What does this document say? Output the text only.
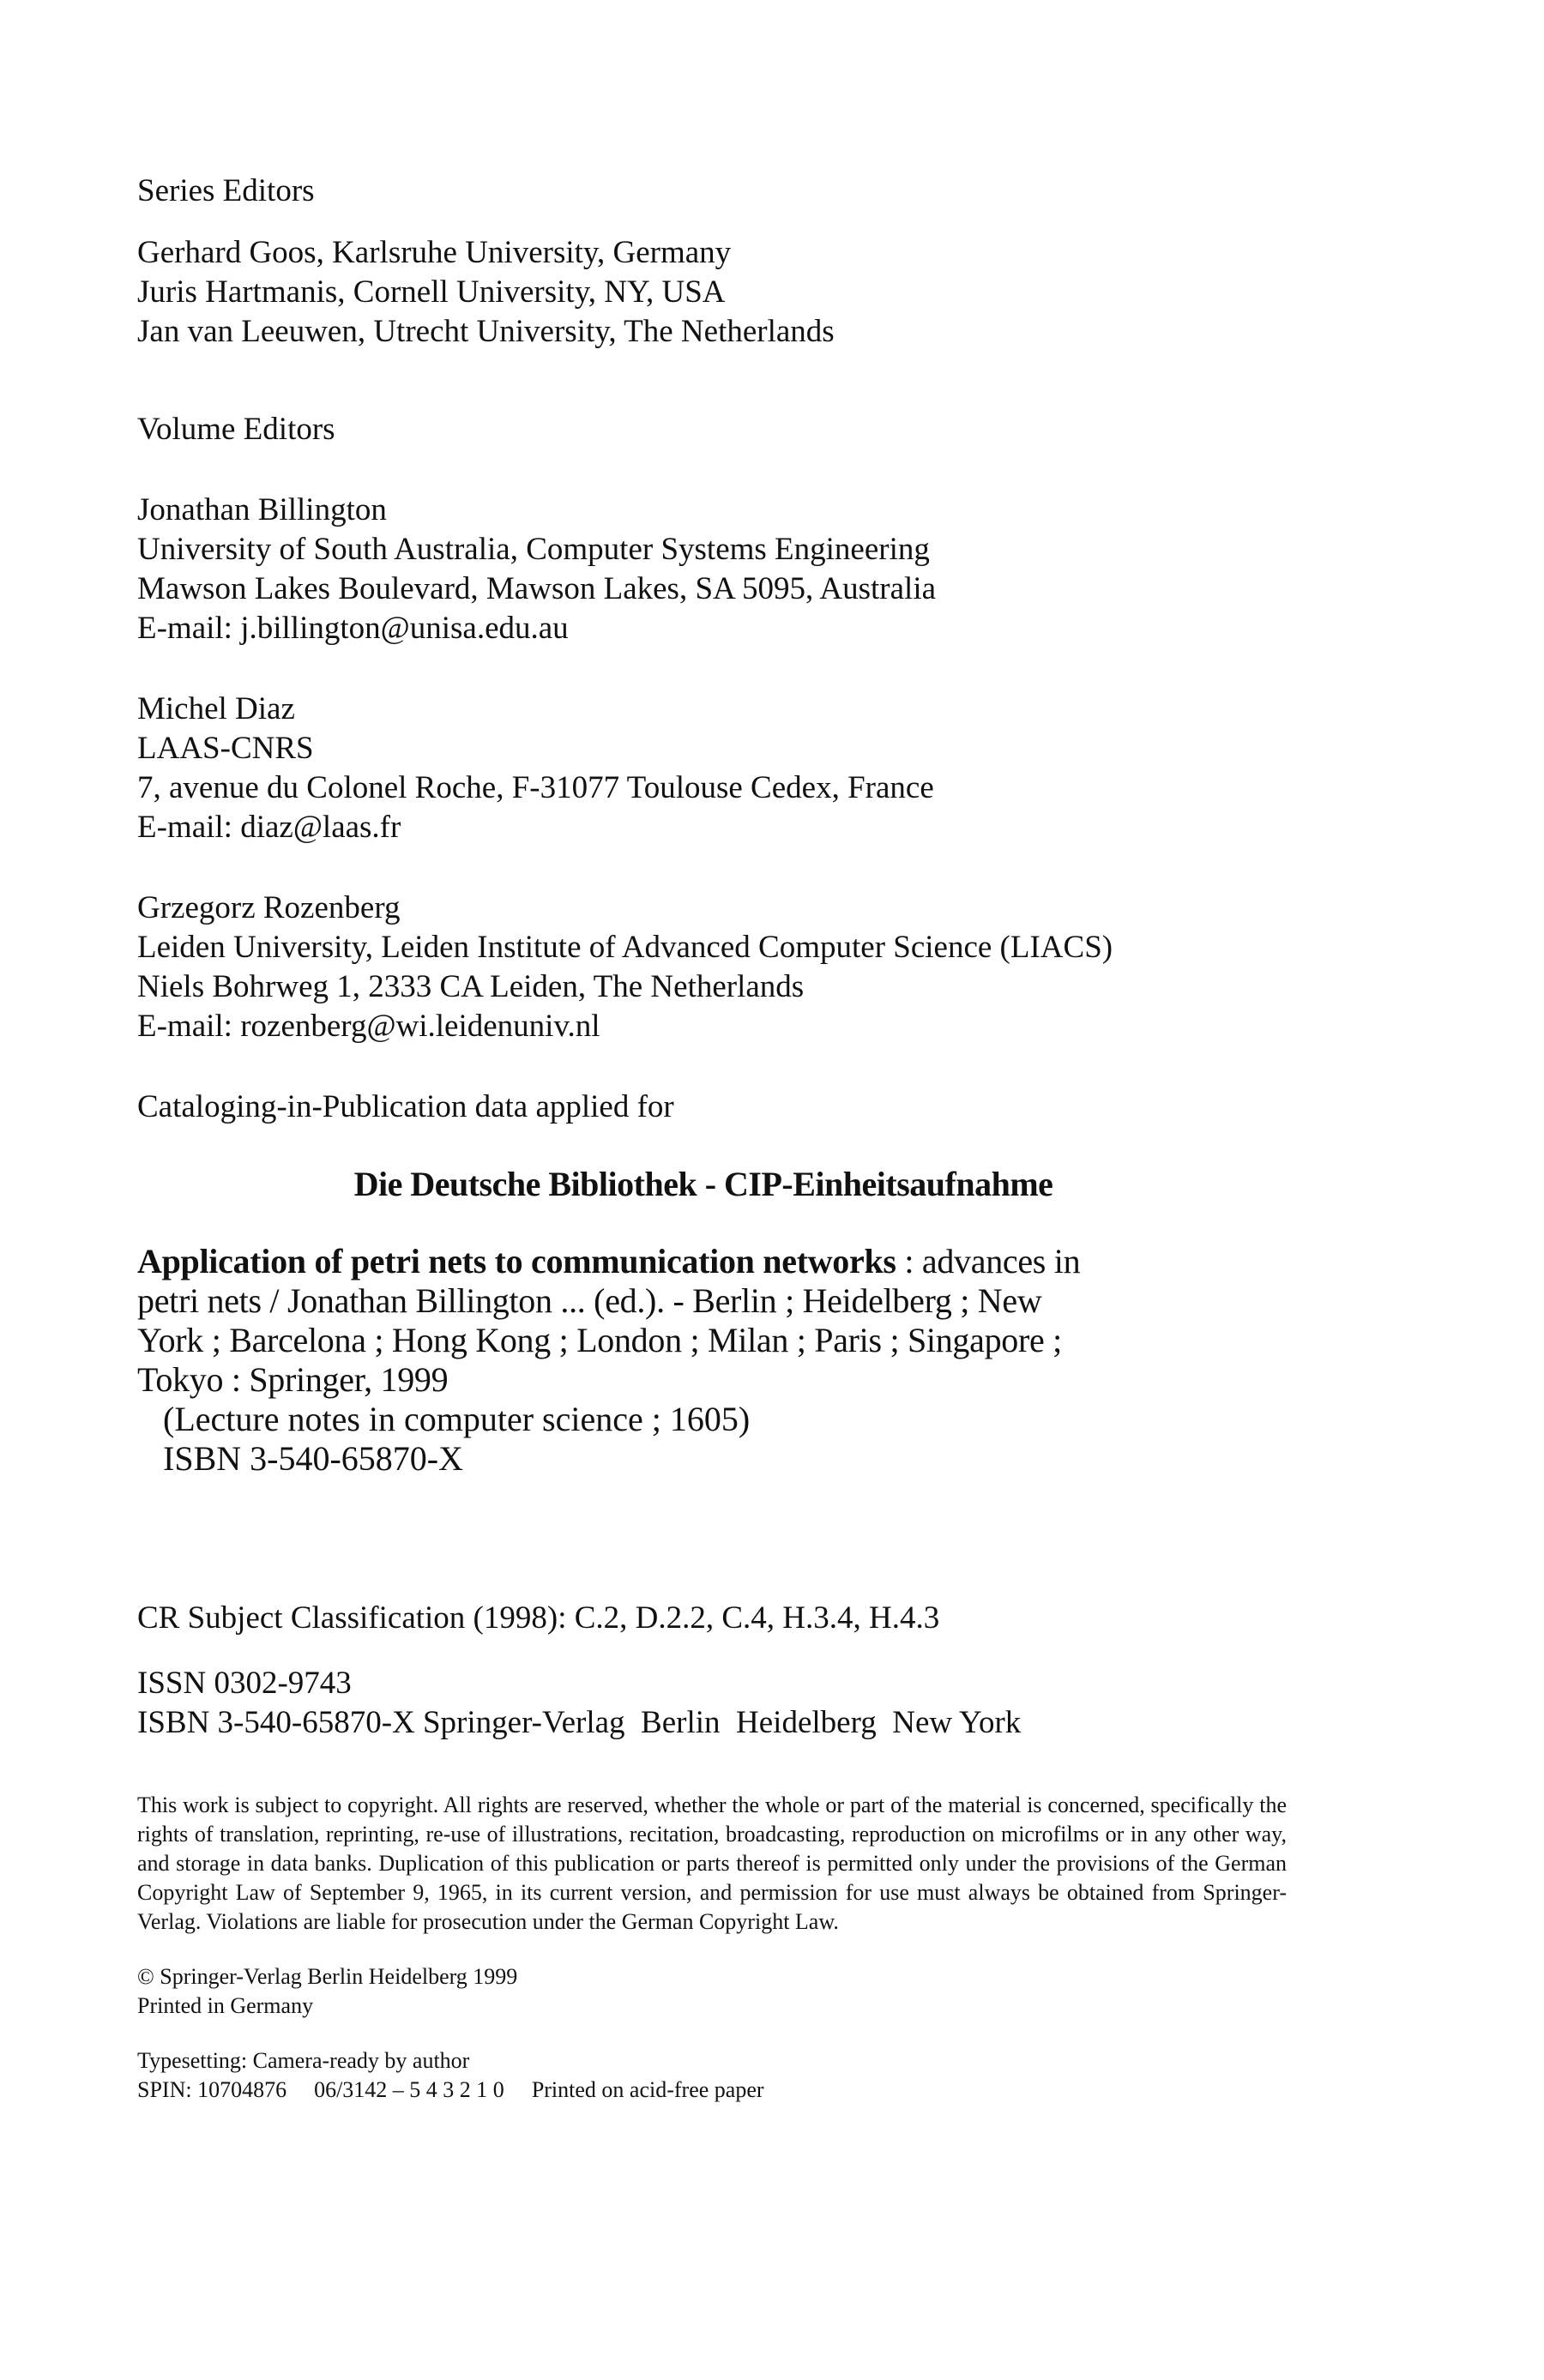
Series Editors
Gerhard Goos, Karlsruhe University, Germany
Juris Hartmanis, Cornell University, NY, USA
Jan van Leeuwen, Utrecht University, The Netherlands
Volume Editors
Jonathan Billington
University of South Australia, Computer Systems Engineering
Mawson Lakes Boulevard, Mawson Lakes, SA 5095, Australia
E-mail: j.billington@unisa.edu.au
Michel Diaz
LAAS-CNRS
7, avenue du Colonel Roche, F-31077 Toulouse Cedex, France
E-mail: diaz@laas.fr
Grzegorz Rozenberg
Leiden University, Leiden Institute of Advanced Computer Science (LIACS)
Niels Bohrweg 1, 2333 CA Leiden, The Netherlands
E-mail: rozenberg@wi.leidenuniv.nl
Cataloging-in-Publication data applied for
Die Deutsche Bibliothek - CIP-Einheitsaufnahme
Application of petri nets to communication networks : advances in
petri nets / Jonathan Billington ... (ed.). - Berlin ; Heidelberg ; New
York ; Barcelona ; Hong Kong ; London ; Milan ; Paris ; Singapore ;
Tokyo : Springer, 1999
(Lecture notes in computer science ; 1605)
ISBN 3-540-65870-X
CR Subject Classification (1998): C.2, D.2.2, C.4, H.3.4, H.4.3
ISSN 0302-9743
ISBN 3-540-65870-X Springer-Verlag  Berlin  Heidelberg  New York
This work is subject to copyright. All rights are reserved, whether the whole or part of the material is concerned, specifically the rights of translation, reprinting, re-use of illustrations, recitation, broadcasting, reproduction on microfilms or in any other way, and storage in data banks. Duplication of this publication or parts thereof is permitted only under the provisions of the German Copyright Law of September 9, 1965, in its current version, and permission for use must always be obtained from Springer-Verlag. Violations are liable for prosecution under the German Copyright Law.
© Springer-Verlag Berlin Heidelberg 1999
Printed in Germany
Typesetting: Camera-ready by author
SPIN: 10704876 06/3142 – 5 4 3 2 1 0 Printed on acid-free paper
